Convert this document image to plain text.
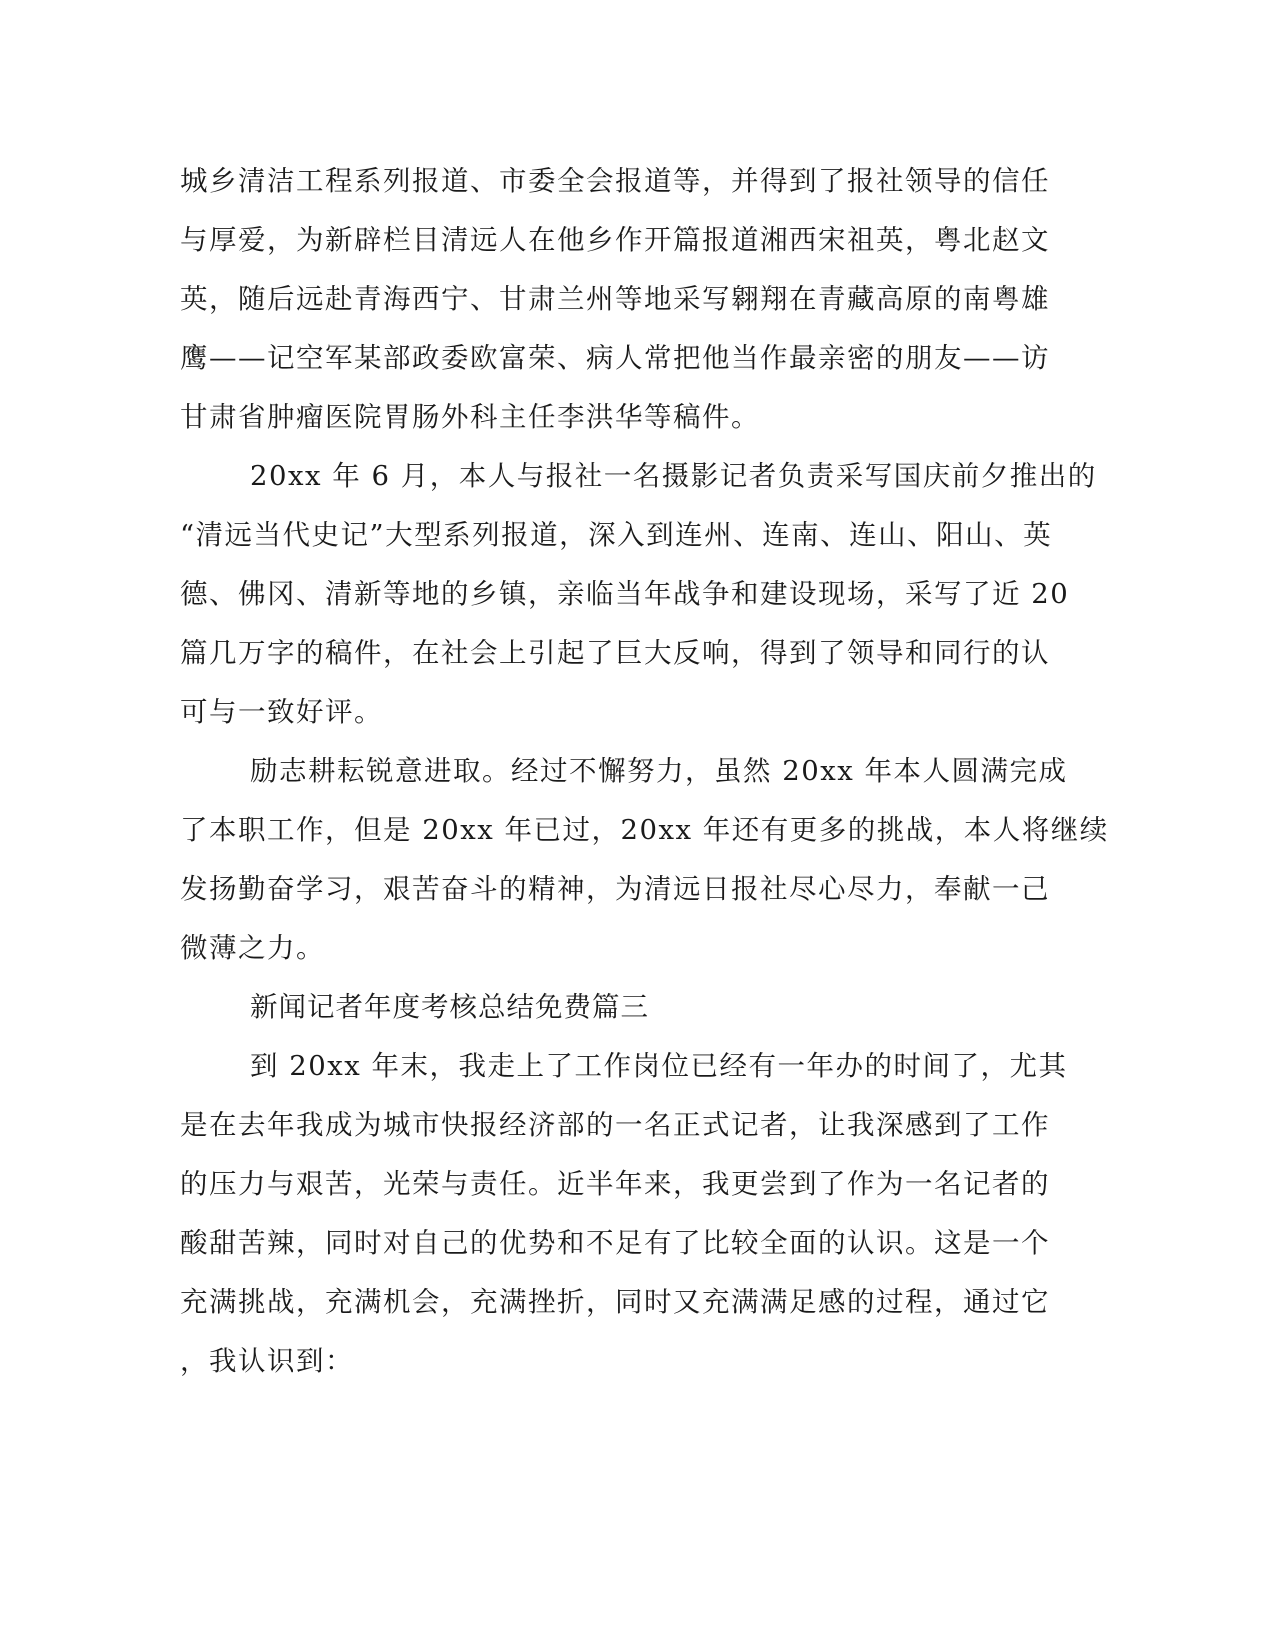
城乡清洁工程系列报道、市委全会报道等，并得到了报社领导的信任

与厚爱，为新辟栏目清远人在他乡作开篇报道湘西宋祖英，粤北赵文

英，随后远赴青海西宁、甘肃兰州等地采写翱翔在青藏高原的南粤雄

鹰——记空军某部政委欧富荣、病人常把他当作最亲密的朋友——访

甘肃省肿瘤医院胃肠外科主任李洪华等稿件。

20xx 年 6 月，本人与报社一名摄影记者负责采写国庆前夕推出的

“清远当代史记”大型系列报道，深入到连州、连南、连山、阳山、英

德、佛冈、清新等地的乡镇，亲临当年战争和建设现场，采写了近 20

篇几万字的稿件，在社会上引起了巨大反响，得到了领导和同行的认

可与一致好评。

励志耕耘锐意进取。经过不懈努力，虽然 20xx 年本人圆满完成

了本职工作，但是 20xx 年已过，20xx 年还有更多的挑战，本人将继续

发扬勤奋学习，艰苦奋斗的精神，为清远日报社尽心尽力，奉献一己

微薄之力。

新闻记者年度考核总结免费篇三

到 20xx 年末，我走上了工作岗位已经有一年办的时间了，尤其

是在去年我成为城市快报经济部的一名正式记者，让我深感到了工作

的压力与艰苦，光荣与责任。近半年来，我更尝到了作为一名记者的

酸甜苦辣，同时对自己的优势和不足有了比较全面的认识。这是一个

充满挑战，充满机会，充满挫折，同时又充满满足感的过程，通过它

，我认识到：
